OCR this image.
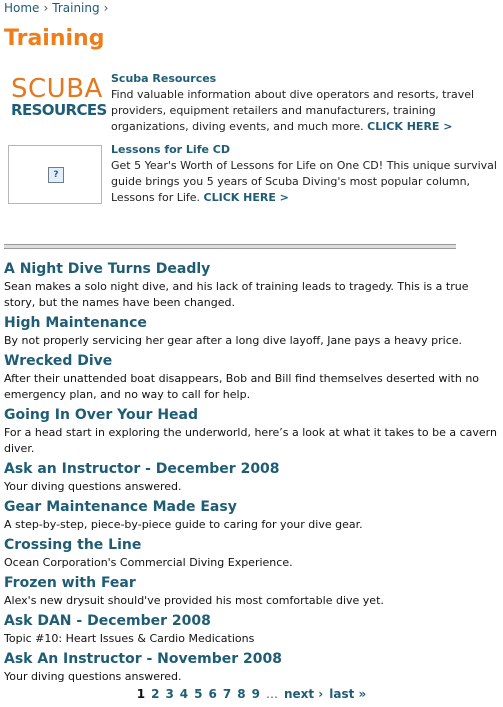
Home › Training ›
Training
SCUBA
RESOURCES
Scuba Resources
Find valuable information about dive operators and resorts, travel providers, equipment retailers and manufacturers, training organizations, diving events, and much more. CLICK HERE >
?
Lessons for Life CD
Get 5 Year's Worth of Lessons for Life on One CD! This unique survival guide brings you 5 years of Scuba Diving's most popular column, Lessons for Life. CLICK HERE >
A Night Dive Turns Deadly
Sean makes a solo night dive, and his lack of training leads to tragedy. This is a true story, but the names have been changed.
High Maintenance
By not properly servicing her gear after a long dive layoff, Jane pays a heavy price.
Wrecked Dive
After their unattended boat disappears, Bob and Bill find themselves deserted with no emergency plan, and no way to call for help.
Going In Over Your Head
For a head start in exploring the underworld, here’s a look at what it takes to be a cavern diver.
Ask an Instructor - December 2008
Your diving questions answered.
Gear Maintenance Made Easy
A step-by-step, piece-by-piece guide to caring for your dive gear.
Crossing the Line
Ocean Corporation's Commercial Diving Experience.
Frozen with Fear
Alex's new drysuit should've provided his most comfortable dive yet.
Ask DAN - December 2008
Topic #10: Heart Issues & Cardio Medications
Ask An Instructor - November 2008
Your diving questions answered.
1 2 3 4 5 6 7 8 9 … next › last »
